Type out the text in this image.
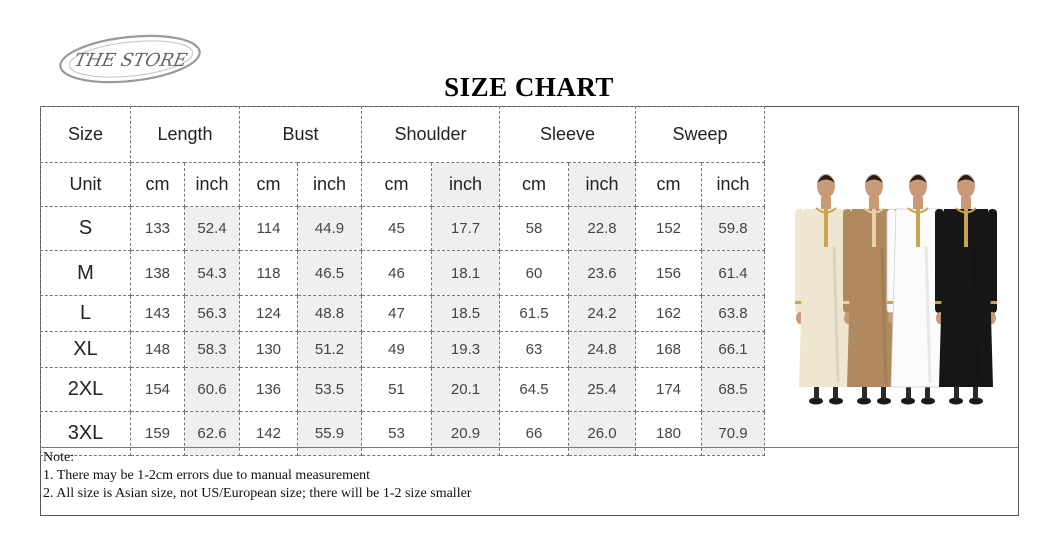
THE STORE
SIZE CHART
Size	Length		Bust		Shoulder		Sleeve		Sweep	
Unit	cm	inch	cm	inch	cm	inch	cm	inch	cm	inch
S	133	52.4	114	44.9	45	17.7	58	22.8	152	59.8
M	138	54.3	118	46.5	46	18.1	60	23.6	156	61.4
L	143	56.3	124	48.8	47	18.5	61.5	24.2	162	63.8
XL	148	58.3	130	51.2	49	19.3	63	24.8	168	66.1
2XL	154	60.6	136	53.5	51	20.1	64.5	25.4	174	68.5
3XL	159	62.6	142	55.9	53	20.9	66	26.0	180	70.9
Note:
1. There may be 1-2cm errors due to manual measurement
2. All size is Asian size, not US/European size; there will be 1-2 size smaller
